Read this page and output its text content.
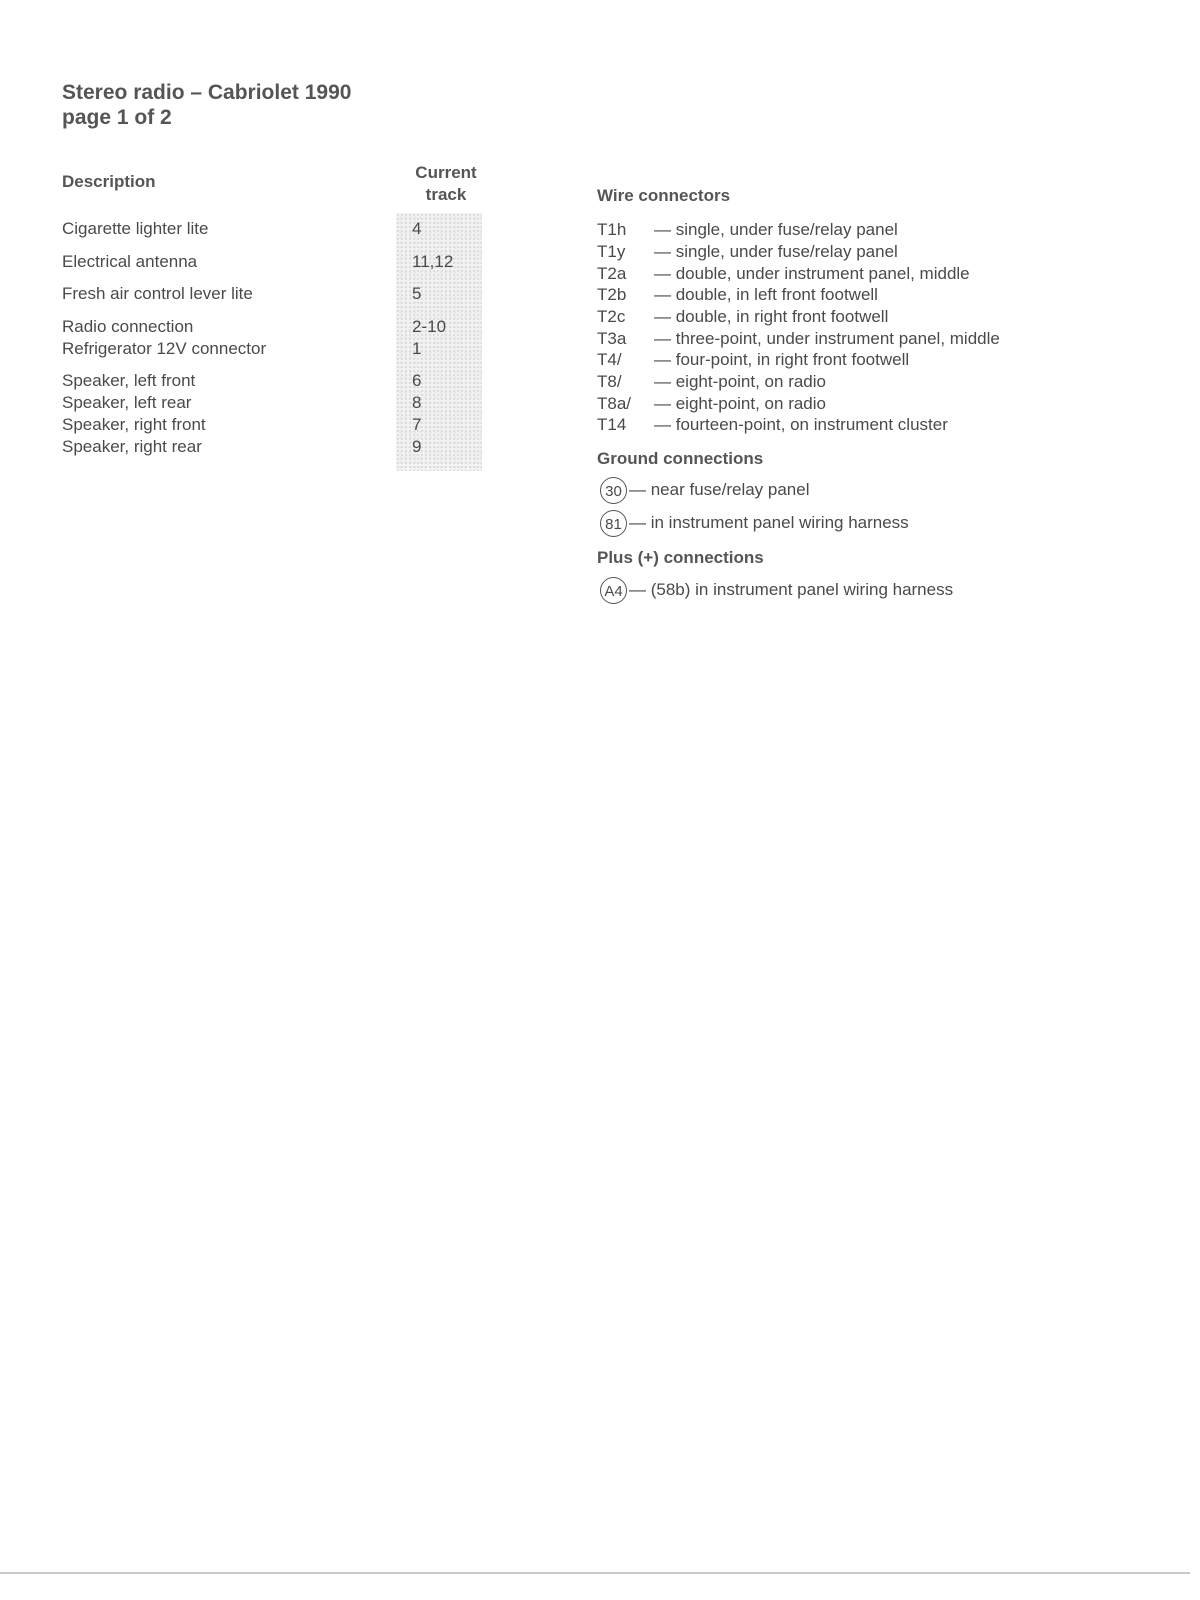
Stereo radio – Cabriolet 1990
page 1 of 2
Description	Current
track
Cigarette lighter lite	4
Electrical antenna	11,12
Fresh air control lever lite	5
Radio connection	2-10
Refrigerator 12V connector	1
Speaker, left front	6
Speaker, left rear	8
Speaker, right front	7
Speaker, right rear	9
Wire connectors
T1h — single, under fuse/relay panel
T1y — single, under fuse/relay panel
T2a — double, under instrument panel, middle
T2b — double, in left front footwell
T2c — double, in right front footwell
T3a — three-point, under instrument panel, middle
T4/ — four-point, in right front footwell
T8/ — eight-point, on radio
T8a/ — eight-point, on radio
T14 — fourteen-point, on instrument cluster
Ground connections
30 — near fuse/relay panel
81 — in instrument panel wiring harness
Plus (+) connections
A4 — (58b) in instrument panel wiring harness
